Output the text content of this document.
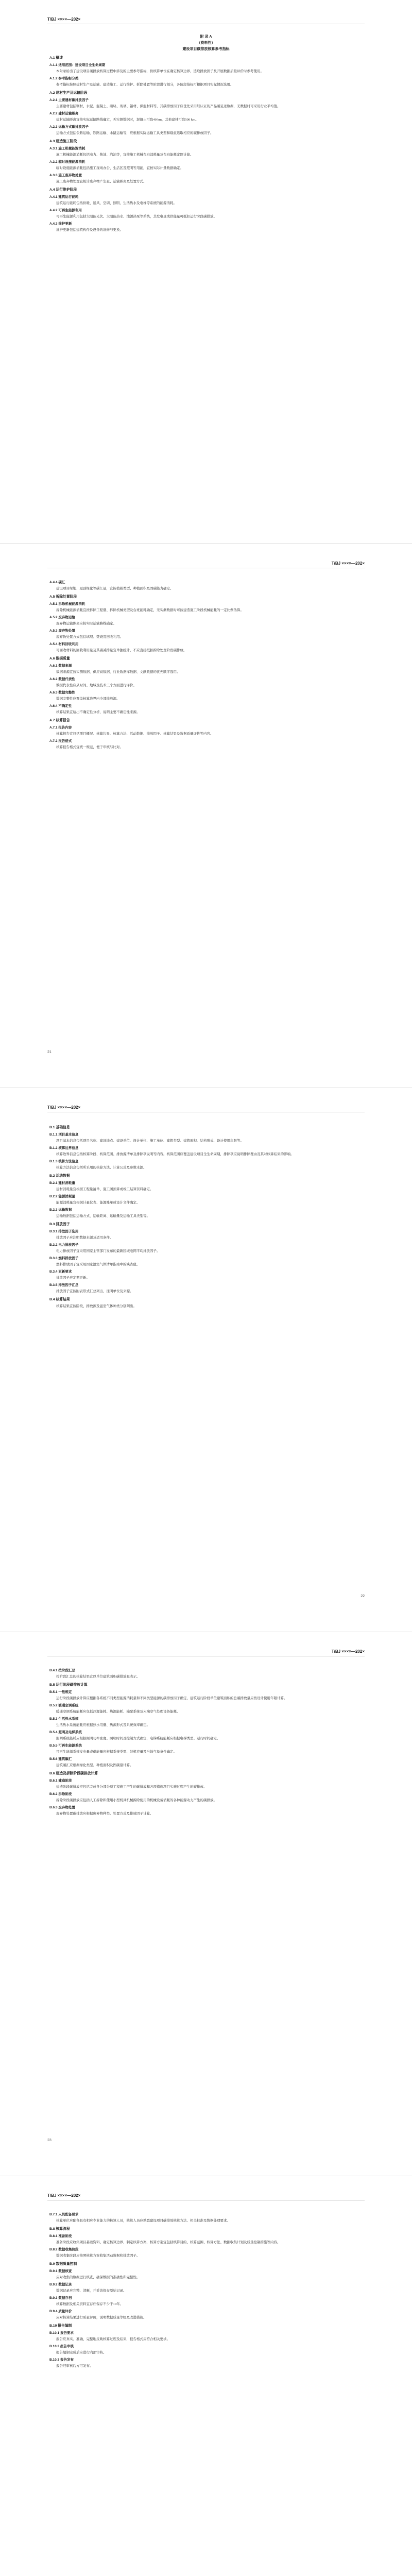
T/BJ ××××—202×
附 录 A
（资料性）
建设项目碳排放核算参考指标
A.1 概述
A.1.1 适用范围：建设项目全生命周期
本附录给出了建设项目碳排放核算过程中涉及的主要参考指标，供核算单位在确定核算边界、选取排放因子及开展数据质量评价时参考使用。
A.1.2 参考指标分类
参考指标按照建材生产及运输、建造施工、运行维护、拆除处置等阶段进行划分，各阶段指标可根据项目实际情况选用。
A.2 建材生产及运输阶段
A.2.1 主要建材碳排放因子
主要建材包括钢材、水泥、混凝土、砌块、玻璃、铝材、保温材料等，其碳排放因子应优先采用经认证的产品碳足迹数据，无数据时可采用行业平均值。
A.2.2 建材运输距离
建材运输距离宜按实际运输路线确定，无实测数据时，混凝土可取40 km，其他建材可取500 km。
A.2.3 运输方式碳排放因子
运输方式包括公路运输、铁路运输、水路运输等，应根据实际运输工具类型和载重选取相应的碳排放因子。
A.3 建造施工阶段
A.3.1 施工机械能源消耗
施工机械能源消耗包括电力、柴油、汽油等，宜按施工机械台班消耗量及台班能耗定额计算。
A.3.2 临时设施能源消耗
临时设施能源消耗包括施工现场办公、生活区及照明等用能，宜按实际计量数据确定。
A.3.3 施工废弃物处置
施工废弃物处置宜统计废弃物产生量、运输距离及处置方式。
A.4 运行维护阶段
A.4.1 建筑运行能耗
建筑运行能耗包括供暖、通风、空调、照明、生活热水及电梯等系统的能源消耗。
A.4.2 可再生能源利用
可再生能源利用包括太阳能光伏、太阳能热水、地源热泵等系统，其发电量或供能量可抵扣运行阶段碳排放。
A.4.3 维护更新
维护更新包括建筑构件及设备的维修与更换。
T/BJ ××××—202×
A.4.4 碳汇
建设项目绿地、屋顶绿化等碳汇量，宜按植被类型、种植面积及固碳能力确定。
A.5 拆除处置阶段
A.5.1 拆除机械能源消耗
拆除机械能源消耗宜按拆除工程量、拆除机械类型及台班能耗确定，无实测数据时可按建造施工阶段机械能耗的一定比例估算。
A.5.2 废弃物运输
废弃物运输距离应按实际运输路线确定。
A.5.3 废弃物处置
废弃物处置方式包括填埋、焚烧及回收利用。
A.5.4 材料回收利用
可回收材料的回收利用量及其碳减排量宜单独统计，不应直接抵扣拆除处置阶段碳排放。
A.6 数据质量
A.6.1 数据来源
数据来源宜按实测数据、供应商数据、行业数据库数据、文献数据的优先顺序选用。
A.6.2 数据代表性
数据代表性应从时间、地域及技术三个方面进行评价。
A.6.3 数据完整性
数据完整性应覆盖核算边界内全部排放源。
A.6.4 不确定性
核算结果宜给出不确定性分析，说明主要不确定性来源。
A.7 核算报告
A.7.1 报告内容
核算报告宜包括项目概况、核算边界、核算方法、活动数据、排放因子、核算结果及数据质量评价等内容。
A.7.2 报告格式
核算报告格式宜统一规范，便于审核与比对。
21
T/BJ ××××—202×
B.1 基础信息
B.1.1 项目基本信息
项目基本信息包括项目名称、建设地点、建设单位、设计单位、施工单位、建筑类型、建筑面积、结构形式、设计使用年限等。
B.1.2 核算边界信息
核算边界信息包括核算阶段、核算范围、排放源清单及排除项说明等内容。核算范围应覆盖建设项目全生命周期，排除项应说明排除理由及其对核算结果的影响。
B.1.3 核算方法信息
核算方法信息包括所采用的核算方法、计算公式及参数来源。
B.2 活动数据
B.2.1 建材消耗量
建材消耗量宜根据工程量清单、施工图预算或竣工结算资料确定。
B.2.2 能源消耗量
能源消耗量宜根据计量仪表、能源账单或设计文件确定。
B.2.3 运输数据
运输数据包括运输方式、运输距离、运输量及运输工具类型等。
B.3 排放因子
B.3.1 排放因子选用
排放因子应注明数据来源及适用条件。
B.3.2 电力排放因子
电力排放因子宜采用国家主管部门发布的最新区域电网平均排放因子。
B.3.3 燃料排放因子
燃料排放因子宜采用国家温室气体清单指南中的缺省值。
B.3.4 更新要求
排放因子应定期更新。
B.3.5 排放因子汇总
排放因子宜按附表形式汇总列出，注明单位及来源。
B.4 核算结果
核算结果宜按阶段、排放源及温室气体种类分别列出。
22
T/BJ ××××—202×
B.4.1 按阶段汇总
按阶段汇总的核算结果宜以单位建筑面积碳排放量表示。
B.5 运行阶段碳排放计算
B.5.1 一般规定
运行阶段碳排放计算应根据各系统不同类型能源消耗量和不同类型能源的碳排放因子确定，建筑运行阶段单位建筑面积的总碳排放量应按设计使用年限计算。
B.5.2 暖通空调系统
暖通空调系统能耗应包括冷源能耗、热源能耗、输配系统及末端空气处理设备能耗。
B.5.3 生活热水系统
生活热水系统能耗应根据热水用量、热源形式及系统效率确定。
B.5.4 照明及电梯系统
照明系统能耗应根据照明功率密度、照明时间及控制方式确定，电梯系统能耗应根据电梯类型、运行时间确定。
B.5.5 可再生能源系统
可再生能源系统发电量或供能量应根据系统类型、装机容量及当地气象条件确定。
B.5.6 建筑碳汇
建筑碳汇应根据绿化类型、种植面积及固碳量计算。
B.6 建造及拆除阶段碳排放计算
B.6.1 建造阶段
建造阶段碳排放应包括完成各分部分项工程施工产生的碳排放和各项措施项目实施过程产生的碳排放。
B.6.2 拆除阶段
拆除阶段碳排放应包括人工拆除和使用小型机具机械拆除使用的机械设备消耗的各种能源动力产生的碳排放。
B.6.3 废弃物处置
废弃物处置碳排放应根据废弃物种类、处置方式及排放因子计算。
23
T/BJ ××××—202×
B.7.1 人员配备要求
核算单位应配备具有相应专业能力的核算人员，核算人员应熟悉建设项目碳排放核算方法、相关标准及数据处理要求。
B.8 核算流程
B.8.1 准备阶段
准备阶段应收集项目基础资料、确定核算边界、制定核算方案，核算方案宜包括核算目的、核算范围、核算方法、数据收集计划及质量控制措施等内容。
B.8.2 数据收集阶段
数据收集阶段应按照核算方案收集活动数据和排放因子。
B.9 数据质量控制
B.9.1 数据核查
应对收集的数据进行核查，确保数据的准确性和完整性。
B.9.2 数据记录
数据记录应完整、清晰，并妥善保存原始记录。
B.9.3 数据存档
核算数据及相关资料宜存档保存不少于10年。
B.9.4 质量评价
应对核算结果进行质量评价，说明数据质量等级及改进措施。
B.10 报告编制
B.10.1 报告要求
报告应真实、准确、完整地反映核算过程及结果，报告格式应符合相关要求。
B.10.2 报告审核
报告编制完成后应进行内部审核。
B.10.3 报告发布
报告经审核后方可发布。
